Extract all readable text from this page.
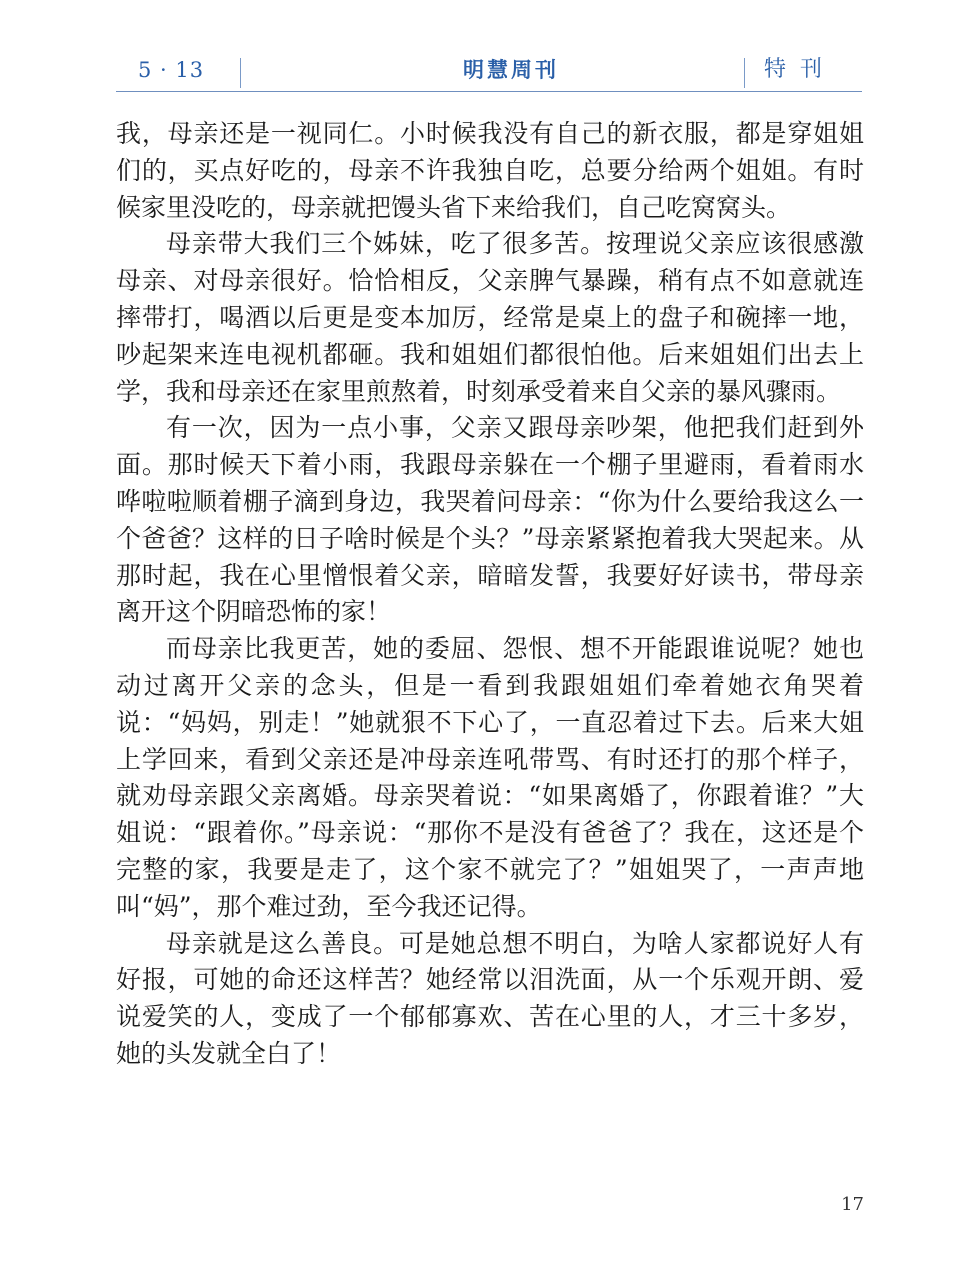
5 · 13	明慧周刊	特刊

我，母亲还是一视同仁。小时候我没有自己的新衣服，都是穿姐姐们的，买点好吃的，母亲不许我独自吃，总要分给两个姐姐。有时候家里没吃的，母亲就把馒头省下来给我们，自己吃窝窝头。

母亲带大我们三个姊妹，吃了很多苦。按理说父亲应该很感激母亲、对母亲很好。恰恰相反，父亲脾气暴躁，稍有点不如意就连摔带打，喝酒以后更是变本加厉，经常是桌上的盘子和碗摔一地，吵起架来连电视机都砸。我和姐姐们都很怕他。后来姐姐们出去上学，我和母亲还在家里煎熬着，时刻承受着来自父亲的暴风骤雨。

有一次，因为一点小事，父亲又跟母亲吵架，他把我们赶到外面。那时候天下着小雨，我跟母亲躲在一个棚子里避雨，看着雨水哗啦啦顺着棚子滴到身边，我哭着问母亲：“你为什么要给我这么一个爸爸？这样的日子啥时候是个头？”母亲紧紧抱着我大哭起来。从那时起，我在心里憎恨着父亲，暗暗发誓，我要好好读书，带母亲离开这个阴暗恐怖的家！

而母亲比我更苦，她的委屈、怨恨、想不开能跟谁说呢？她也动过离开父亲的念头，但是一看到我跟姐姐们牵着她衣角哭着说：“妈妈，别走！”她就狠不下心了，一直忍着过下去。后来大姐上学回来，看到父亲还是冲母亲连吼带骂、有时还打的那个样子，就劝母亲跟父亲离婚。母亲哭着说：“如果离婚了，你跟着谁？”大姐说：“跟着你。”母亲说：“那你不是没有爸爸了？我在，这还是个完整的家，我要是走了，这个家不就完了？”姐姐哭了，一声声地叫“妈”，那个难过劲，至今我还记得。

母亲就是这么善良。可是她总想不明白，为啥人家都说好人有好报，可她的命还这样苦？她经常以泪洗面，从一个乐观开朗、爱说爱笑的人，变成了一个郁郁寡欢、苦在心里的人，才三十多岁，她的头发就全白了！

17
